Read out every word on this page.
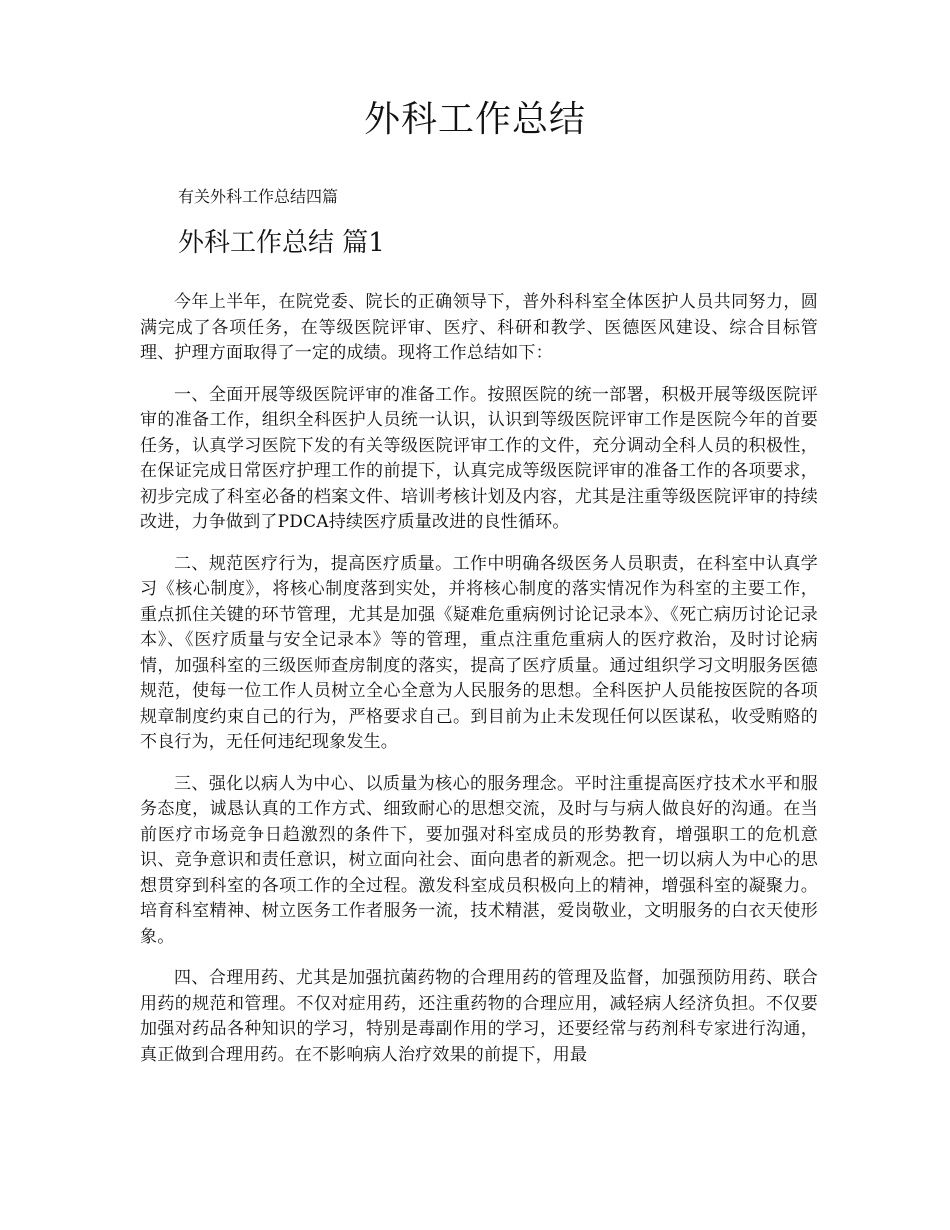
外科工作总结

有关外科工作总结四篇

外科工作总结 篇1

今年上半年，在院党委、院长的正确领导下，普外科科室全体医护人员共同努力，圆满完成了各项任务，在等级医院评审、医疗、科研和教学、医德医风建设、综合目标管理、护理方面取得了一定的成绩。现将工作总结如下：

一、全面开展等级医院评审的准备工作。按照医院的统一部署，积极开展等级医院评审的准备工作，组织全科医护人员统一认识，认识到等级医院评审工作是医院今年的首要任务，认真学习医院下发的有关等级医院评审工作的文件，充分调动全科人员的积极性，在保证完成日常医疗护理工作的前提下，认真完成等级医院评审的准备工作的各项要求，初步完成了科室必备的档案文件、培训考核计划及内容，尤其是注重等级医院评审的持续改进，力争做到了PDCA持续医疗质量改进的良性循环。

二、规范医疗行为，提高医疗质量。工作中明确各级医务人员职责，在科室中认真学习《核心制度》，将核心制度落到实处，并将核心制度的落实情况作为科室的主要工作，重点抓住关键的环节管理，尤其是加强《疑难危重病例讨论记录本》、《死亡病历讨论记录本》、《医疗质量与安全记录本》等的管理，重点注重危重病人的医疗救治，及时讨论病情，加强科室的三级医师查房制度的落实，提高了医疗质量。通过组织学习文明服务医德规范，使每一位工作人员树立全心全意为人民服务的思想。全科医护人员能按医院的各项规章制度约束自己的行为，严格要求自己。到目前为止未发现任何以医谋私，收受贿赂的不良行为，无任何违纪现象发生。

三、强化以病人为中心、以质量为核心的服务理念。平时注重提高医疗技术水平和服务态度，诚恳认真的工作方式、细致耐心的思想交流，及时与与病人做良好的沟通。在当前医疗市场竞争日趋激烈的条件下，要加强对科室成员的形势教育，增强职工的危机意识、竞争意识和责任意识，树立面向社会、面向患者的新观念。把一切以病人为中心的思想贯穿到科室的各项工作的全过程。激发科室成员积极向上的精神，增强科室的凝聚力。培育科室精神、树立医务工作者服务一流，技术精湛，爱岗敬业，文明服务的白衣天使形象。

四、合理用药、尤其是加强抗菌药物的合理用药的管理及监督，加强预防用药、联合用药的规范和管理。不仅对症用药，还注重药物的合理应用，减轻病人经济负担。不仅要加强对药品各种知识的学习，特别是毒副作用的学习，还要经常与药剂科专家进行沟通，真正做到合理用药。在不影响病人治疗效果的前提下，用最
